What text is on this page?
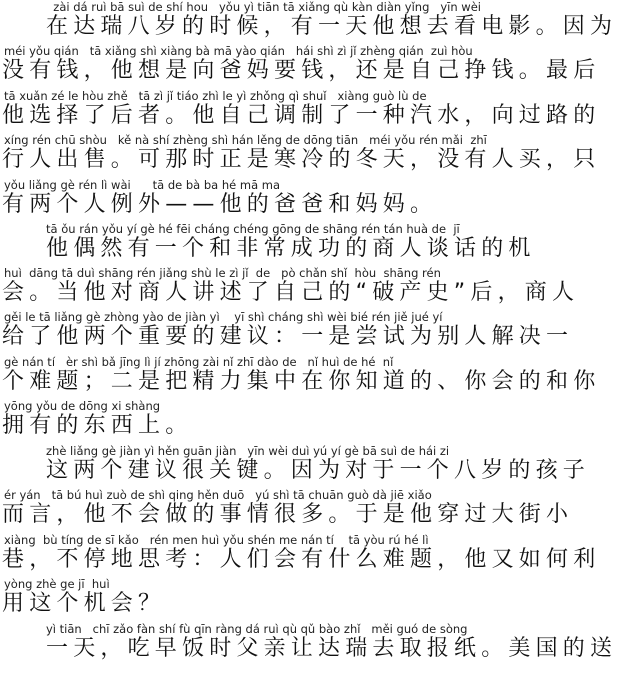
zài dá ruì bā suì de shí hou   yǒu yì tiān tā xiǎng qù kàn diàn yǐng   yīn wèi
在达瑞八岁的时候，有一天他想去看电影。因为
méi yǒu qián   tā xiǎng shì xiàng bà mā yào qián   hái shì zì jǐ zhèng qián  zuì hòu
没有钱，他想是向爸妈要钱，还是自己挣钱。最后
tā xuǎn zé le hòu zhě   tā zì jǐ tiáo zhì le yì zhǒng qì shuǐ   xiàng guò lù de
他选择了后者。他自己调制了一种汽水，向过路的
xíng rén chū shòu   kě nà shí zhèng shì hán lěng de dōng tiān   méi yǒu rén mǎi  zhī
行人出售。可那时正是寒冷的冬天，没有人买，只
yǒu liǎng gè rén lì wài      tā de bà ba hé mā ma
有两个人例外——他的爸爸和妈妈。
tā ǒu rán yǒu yí gè hé fēi cháng chéng gōng de shāng rén tán huà de  jī
他偶然有一个和非常成功的商人谈话的机
huì  dāng tā duì shāng rén jiǎng shù le zì jǐ  de   pò chǎn shǐ  hòu  shāng rén
会。当他对商人讲述了自己的“破产史”后，商人
gěi le tā liǎng gè zhòng yào de jiàn yì    yī shì cháng shì wèi bié rén jiě jué yí
给了他两个重要的建议：一是尝试为别人解决一
gè nán tí   èr shì bǎ jīng lì jí zhōng zài nǐ zhī dào de   nǐ huì de hé  nǐ
个难题；二是把精力集中在你知道的、你会的和你
yōng yǒu de dōng xi shàng
拥有的东西上。
zhè liǎng gè jiàn yì hěn guān jiàn   yīn wèi duì yú yí gè bā suì de hái zi
这两个建议很关键。因为对于一个八岁的孩子
ér yán   tā bú huì zuò de shì qing hěn duō   yú shì tā chuān guò dà jiē xiǎo
而言，他不会做的事情很多。于是他穿过大街小
xiàng  bù tíng de sī kǎo   rén men huì yǒu shén me nán tí    tā yòu rú hé lì
巷，不停地思考：人们会有什么难题，他又如何利
yòng zhè ge jī  huì
用这个机会？
yì tiān   chī zǎo fàn shí fù qīn ràng dá ruì qù qǔ bào zhǐ   měi guó de sòng
一天，吃早饭时父亲让达瑞去取报纸。美国的送
